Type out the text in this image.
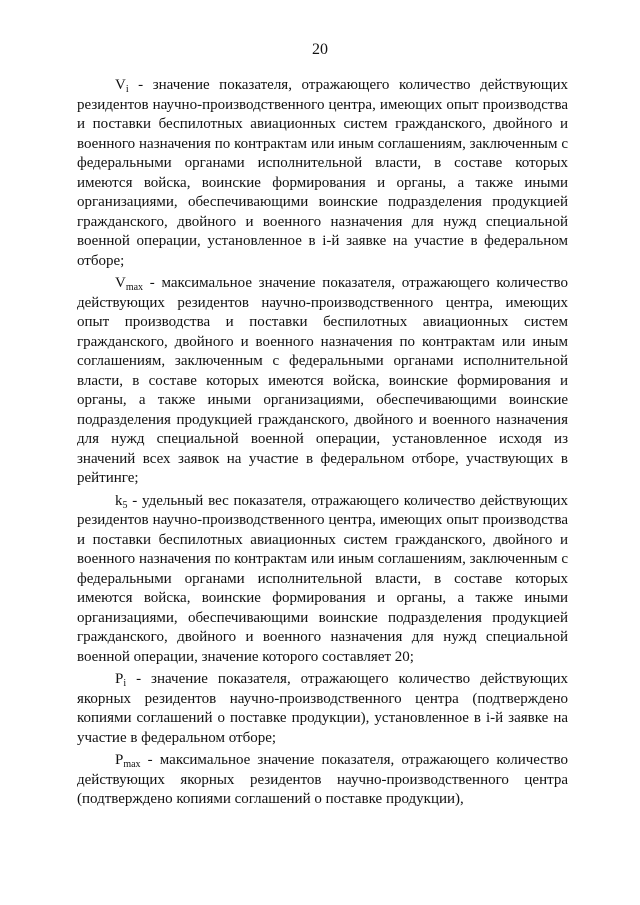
20

$V_i$ - значение показателя, отражающего количество действующих резидентов научно-производственного центра, имеющих опыт производства и поставки беспилотных авиационных систем гражданского, двойного и военного назначения по контрактам или иным соглашениям, заключенным с федеральными органами исполнительной власти, в составе которых имеются войска, воинские формирования и органы, а также иными организациями, обеспечивающими воинские подразделения продукцией гражданского, двойного и военного назначения для нужд специальной военной операции, установленное в i-й заявке на участие в федеральном отборе;

$V_{max}$ - максимальное значение показателя, отражающего количество действующих резидентов научно-производственного центра, имеющих опыт производства и поставки беспилотных авиационных систем гражданского, двойного и военного назначения по контрактам или иным соглашениям, заключенным с федеральными органами исполнительной власти, в составе которых имеются войска, воинские формирования и органы, а также иными организациями, обеспечивающими воинские подразделения продукцией гражданского, двойного и военного назначения для нужд специальной военной операции, установленное исходя из значений всех заявок на участие в федеральном отборе, участвующих в рейтинге;

$k_5$ - удельный вес показателя, отражающего количество действующих резидентов научно-производственного центра, имеющих опыт производства и поставки беспилотных авиационных систем гражданского, двойного и военного назначения по контрактам или иным соглашениям, заключенным с федеральными органами исполнительной власти, в составе которых имеются войска, воинские формирования и органы, а также иными организациями, обеспечивающими воинские подразделения продукцией гражданского, двойного и военного назначения для нужд специальной военной операции, значение которого составляет 20;

$P_i$ - значение показателя, отражающего количество действующих якорных резидентов научно-производственного центра (подтверждено копиями соглашений о поставке продукции), установленное в i-й заявке на участие в федеральном отборе;

$P_{max}$ - максимальное значение показателя, отражающего количество действующих якорных резидентов научно-производственного центра (подтверждено копиями соглашений о поставке продукции),
